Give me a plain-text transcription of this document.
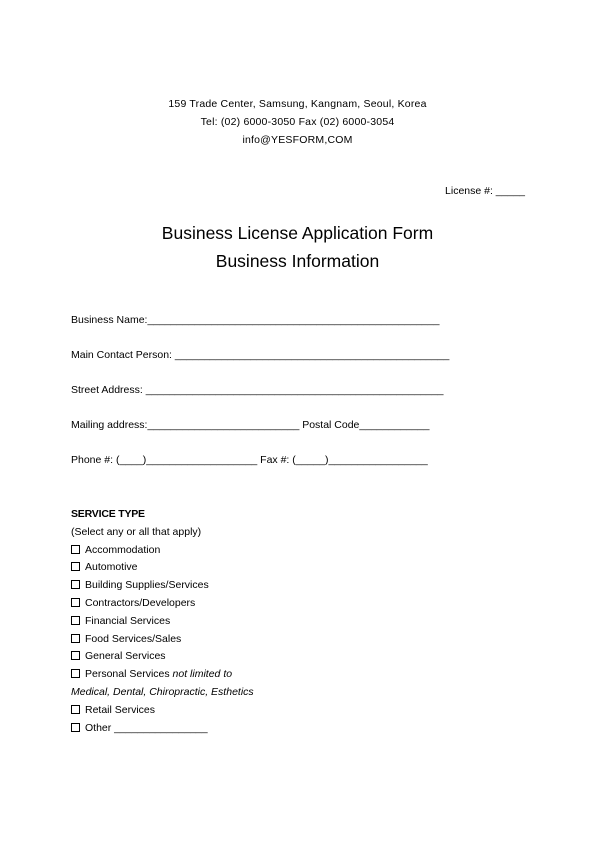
159 Trade Center, Samsung, Kangnam, Seoul, Korea
Tel: (02) 6000-3050 Fax (02) 6000-3054
info@YESFORM,COM
License #: _____
Business License Application Form
Business Information
Business Name:__________________________________________________
Main Contact Person: _______________________________________________
Street Address: ___________________________________________________
Mailing address:__________________________ Postal Code____________
Phone #: (____)___________________ Fax #: (_____)_________________
SERVICE TYPE
(Select any or all that apply)
Accommodation
Automotive
Building Supplies/Services
Contractors/Developers
Financial Services
Food Services/Sales
General Services
Personal Services not limited to
Medical, Dental, Chiropractic, Esthetics
Retail Services
Other ________________
